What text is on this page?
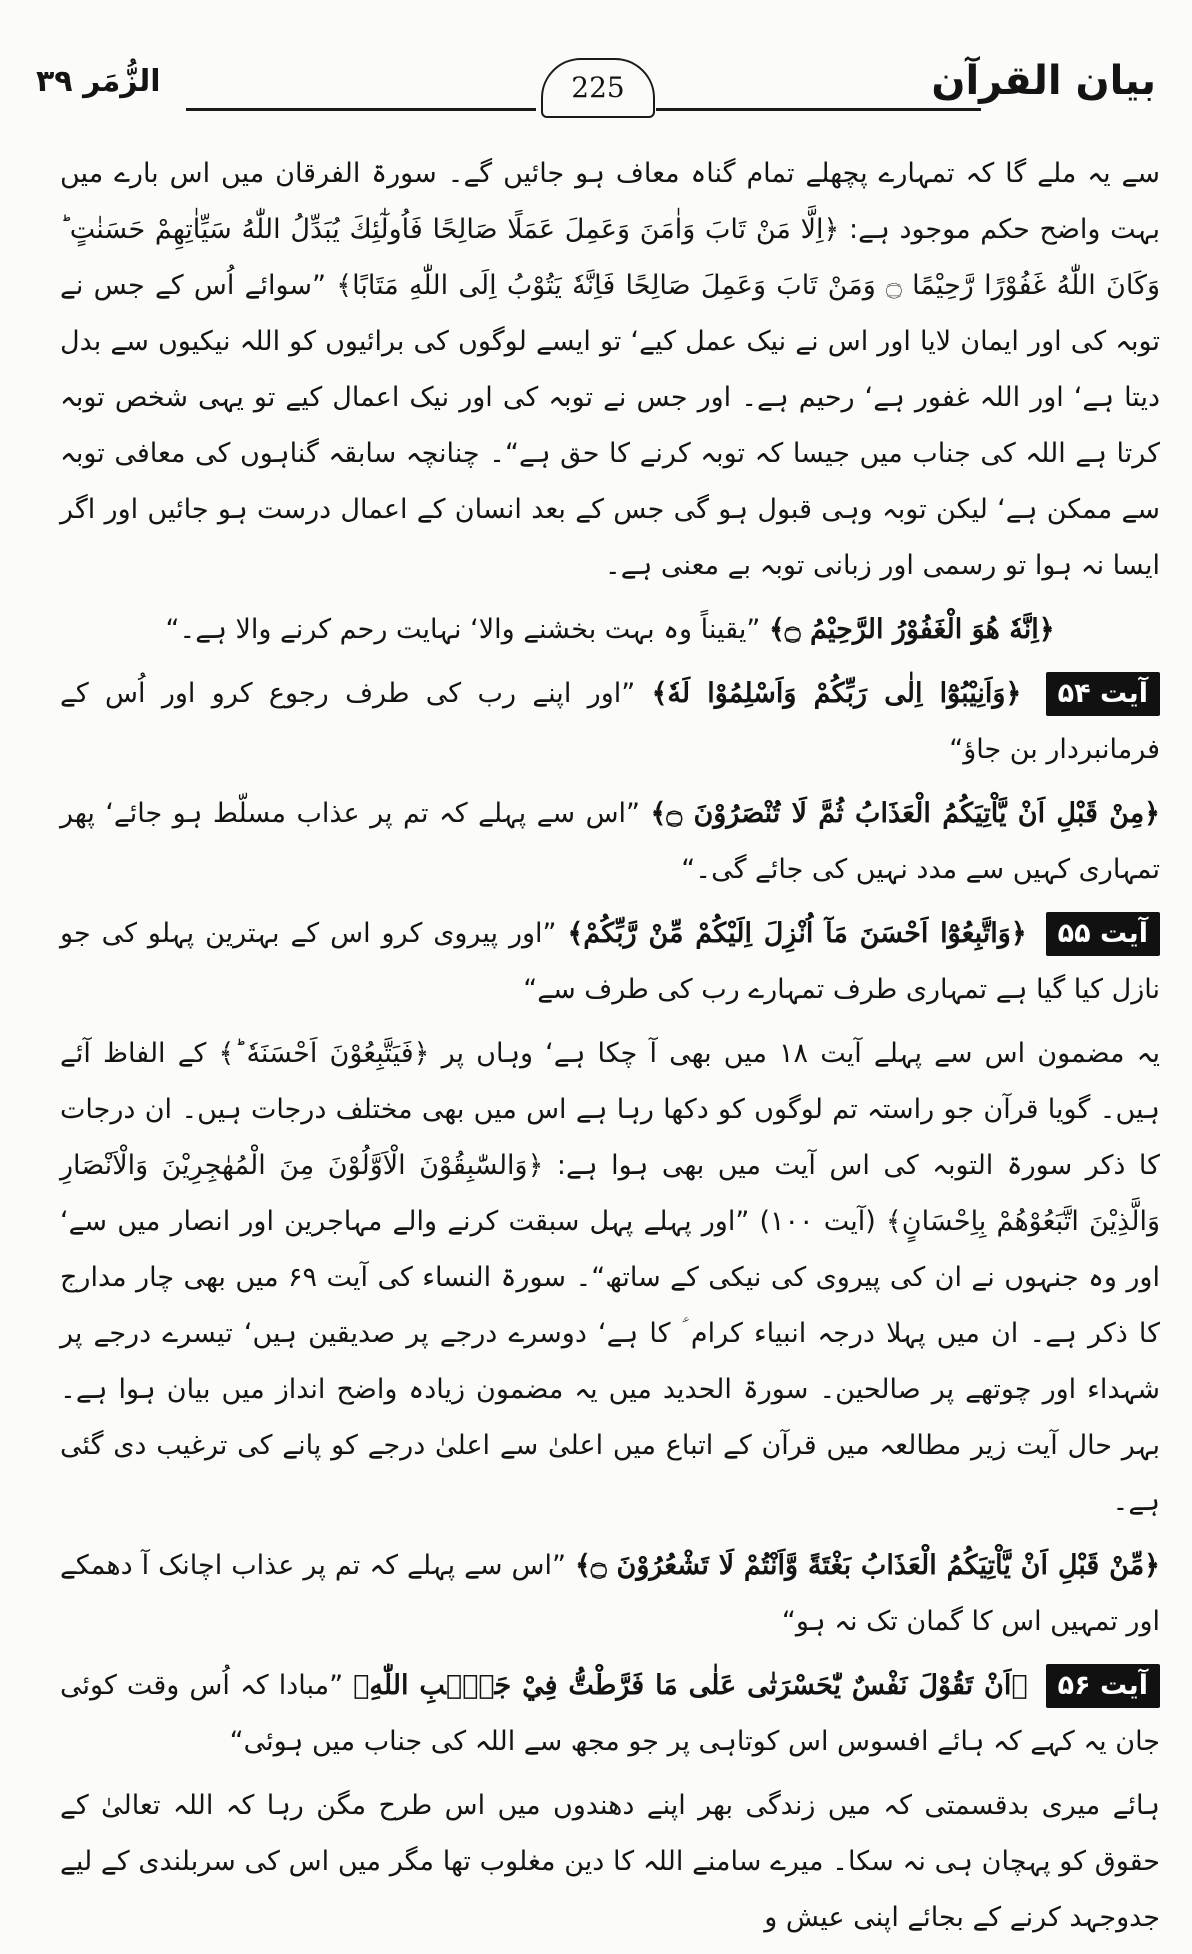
بیان القرآن
225
الزُّمَر ۳۹

سے یہ ملے گا کہ تمہارے پچھلے تمام گناہ معاف ہو جائیں گے۔ سورۃ الفرقان میں اس بارے میں بہت واضح حکم موجود ہے: ﴿اِلَّا مَنْ تَابَ وَاٰمَنَ وَعَمِلَ عَمَلًا صَالِحًا فَاُولٰٓئِكَ يُبَدِّلُ اللّٰهُ سَيِّاٰتِهِمْ حَسَنٰتٍ ؕ وَكَانَ اللّٰهُ غَفُوْرًا رَّحِيْمًا ۝ وَمَنْ تَابَ وَعَمِلَ صَالِحًا فَاِنَّهٗ يَتُوْبُ اِلَى اللّٰهِ مَتَابًا﴾ ”سوائے اُس کے جس نے توبہ کی اور ایمان لایا اور اس نے نیک عمل کیے‘ تو ایسے لوگوں کی برائیوں کو اللہ نیکیوں سے بدل دیتا ہے‘ اور اللہ غفور ہے‘ رحیم ہے۔ اور جس نے توبہ کی اور نیک اعمال کیے تو یہی شخص توبہ کرتا ہے اللہ کی جناب میں جیسا کہ توبہ کرنے کا حق ہے“۔ چنانچہ سابقہ گناہوں کی معافی توبہ سے ممکن ہے‘ لیکن توبہ وہی قبول ہو گی جس کے بعد انسان کے اعمال درست ہو جائیں اور اگر ایسا نہ ہوا تو رسمی اور زبانی توبہ بے معنی ہے۔

﴿اِنَّهٗ هُوَ الْغَفُوْرُ الرَّحِيْمُ ۝﴾ ”یقیناً وہ بہت بخشنے والا‘ نہایت رحم کرنے والا ہے۔“

آیت ۵۴ ﴿وَاَنِيْبُوْٓا اِلٰى رَبِّكُمْ وَاَسْلِمُوْا لَهٗ﴾ ”اور اپنے رب کی طرف رجوع کرو اور اُس کے فرمانبردار بن جاؤ“

﴿مِنْ قَبْلِ اَنْ يَّاْتِيَكُمُ الْعَذَابُ ثُمَّ لَا تُنْصَرُوْنَ ۝﴾ ”اس سے پہلے کہ تم پر عذاب مسلّط ہو جائے‘ پھر تمہاری کہیں سے مدد نہیں کی جائے گی۔“

آیت ۵۵ ﴿وَاتَّبِعُوْٓا اَحْسَنَ مَآ اُنْزِلَ اِلَيْكُمْ مِّنْ رَّبِّكُمْ﴾ ”اور پیروی کرو اس کے بہترین پہلو کی جو نازل کیا گیا ہے تمہاری طرف تمہارے رب کی طرف سے“

یہ مضمون اس سے پہلے آیت ۱۸ میں بھی آ چکا ہے‘ وہاں پر ﴿فَيَتَّبِعُوْنَ اَحْسَنَهٗ ؕ﴾ کے الفاظ آئے ہیں۔ گویا قرآن جو راستہ تم لوگوں کو دکھا رہا ہے اس میں بھی مختلف درجات ہیں۔ ان درجات کا ذکر سورۃ التوبہ کی اس آیت میں بھی ہوا ہے: ﴿وَالسّٰبِقُوْنَ الْاَوَّلُوْنَ مِنَ الْمُهٰجِرِيْنَ وَالْاَنْصَارِ وَالَّذِيْنَ اتَّبَعُوْهُمْ بِاِحْسَانٍ﴾ (آیت ۱۰۰) ”اور پہلے پہل سبقت کرنے والے مہاجرین اور انصار میں سے‘ اور وہ جنہوں نے ان کی پیروی کی نیکی کے ساتھ“۔ سورۃ النساء کی آیت ۶۹ میں بھی چار مدارج کا ذکر ہے۔ ان میں پہلا درجہ انبیاء کرام ؑ کا ہے‘ دوسرے درجے پر صدیقین ہیں‘ تیسرے درجے پر شہداء اور چوتھے پر صالحین۔ سورۃ الحدید میں یہ مضمون زیادہ واضح انداز میں بیان ہوا ہے۔ بہر حال آیت زیر مطالعہ میں قرآن کے اتباع میں اعلیٰ سے اعلیٰ درجے کو پانے کی ترغیب دی گئی ہے۔

﴿مِّنْ قَبْلِ اَنْ يَّاْتِيَكُمُ الْعَذَابُ بَغْتَةً وَّاَنْتُمْ لَا تَشْعُرُوْنَ ۝﴾ ”اس سے پہلے کہ تم پر عذاب اچانک آ دھمکے اور تمہیں اس کا گمان تک نہ ہو“

آیت ۵۶ ﴿اَنْ تَقُوْلَ نَفْسٌ يّٰحَسْرَتٰى عَلٰى مَا فَرَّطْتُّ فِيْ جَنْۢبِ اللّٰهِ﴾ ”مبادا کہ اُس وقت کوئی جان یہ کہے کہ ہائے افسوس اس کوتاہی پر جو مجھ سے اللہ کی جناب میں ہوئی“

ہائے میری بدقسمتی کہ میں زندگی بھر اپنے دھندوں میں اس طرح مگن رہا کہ اللہ تعالیٰ کے حقوق کو پہچان ہی نہ سکا۔ میرے سامنے اللہ کا دین مغلوب تھا مگر میں اس کی سربلندی کے لیے جدوجہد کرنے کے بجائے اپنی عیش و
